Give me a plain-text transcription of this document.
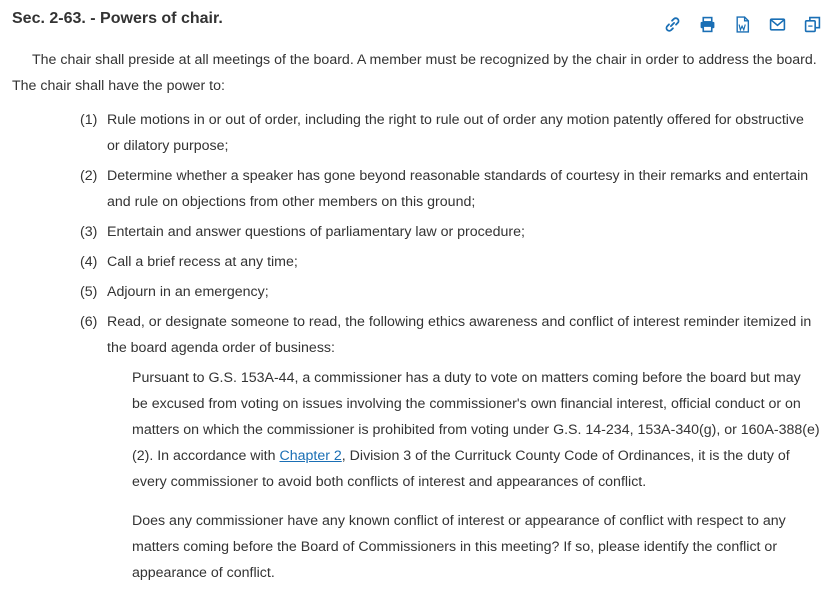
Sec. 2-63. - Powers of chair.

The chair shall preside at all meetings of the board. A member must be recognized by the chair in order to address the board. The chair shall have the power to:

(1) Rule motions in or out of order, including the right to rule out of order any motion patently offered for obstructive or dilatory purpose;
(2) Determine whether a speaker has gone beyond reasonable standards of courtesy in their remarks and entertain and rule on objections from other members on this ground;
(3) Entertain and answer questions of parliamentary law or procedure;
(4) Call a brief recess at any time;
(5) Adjourn in an emergency;
(6) Read, or designate someone to read, the following ethics awareness and conflict of interest reminder itemized in the board agenda order of business:

Pursuant to G.S. 153A-44, a commissioner has a duty to vote on matters coming before the board but may be excused from voting on issues involving the commissioner's own financial interest, official conduct or on matters on which the commissioner is prohibited from voting under G.S. 14-234, 153A-340(g), or 160A-388(e)(2). In accordance with Chapter 2, Division 3 of the Currituck County Code of Ordinances, it is the duty of every commissioner to avoid both conflicts of interest and appearances of conflict.

Does any commissioner have any known conflict of interest or appearance of conflict with respect to any matters coming before the Board of Commissioners in this meeting? If so, please identify the conflict or appearance of conflict.
